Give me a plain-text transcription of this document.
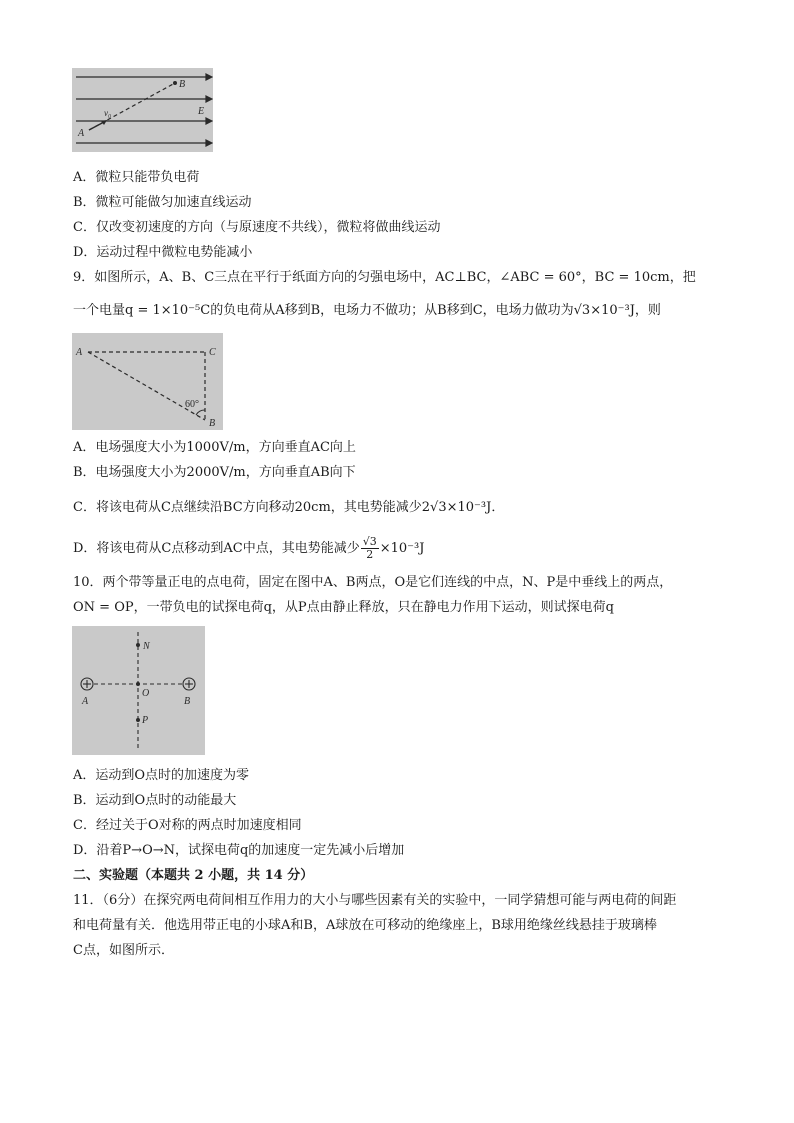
B
v₀	E
A
A．微粒只能带负电荷
B．微粒可能做匀加速直线运动
C．仅改变初速度的方向（与原速度不共线），微粒将做曲线运动
D．运动过程中微粒电势能减小
9．如图所示，A、B、C三点在平行于纸面方向的匀强电场中，AC⊥BC，∠ABC = 60°，BC = 10cm，把
一个电量q = 1×10⁻⁵C的负电荷从A移到B，电场力不做功；从B移到C，电场力做功为√3×10⁻³J，则
A	C
B
60°
A．电场强度大小为1000V/m，方向垂直AC向上
B．电场强度大小为2000V/m，方向垂直AB向下
C．将该电荷从C点继续沿BC方向移动20cm，其电势能减少2√3×10⁻³J．
D．将该电荷从C点移动到AC中点，其电势能减少 $\frac{√3}{2} \times 10^{-3}J$
10．两个带等量正电的点电荷，固定在图中A、B两点，O是它们连线的中点，N、P是中垂线上的两点，
ON = OP，一带负电的试探电荷q，从P点由静止释放，只在静电力作用下运动，则试探电荷q
N
O
P
A	B
A．运动到O点时的加速度为零
B．运动到O点时的动能最大
C．经过关于O对称的两点时加速度相同
D．沿着P→O→N，试探电荷q的加速度一定先减小后增加
二、实验题（本题共 2 小题，共 14 分）
11．（6分）在探究两电荷间相互作用力的大小与哪些因素有关的实验中，一同学猜想可能与两电荷的间距
和电荷量有关．他选用带正电的小球A和B，A球放在可移动的绝缘座上，B球用绝缘丝线悬挂于玻璃棒
C点，如图所示．
